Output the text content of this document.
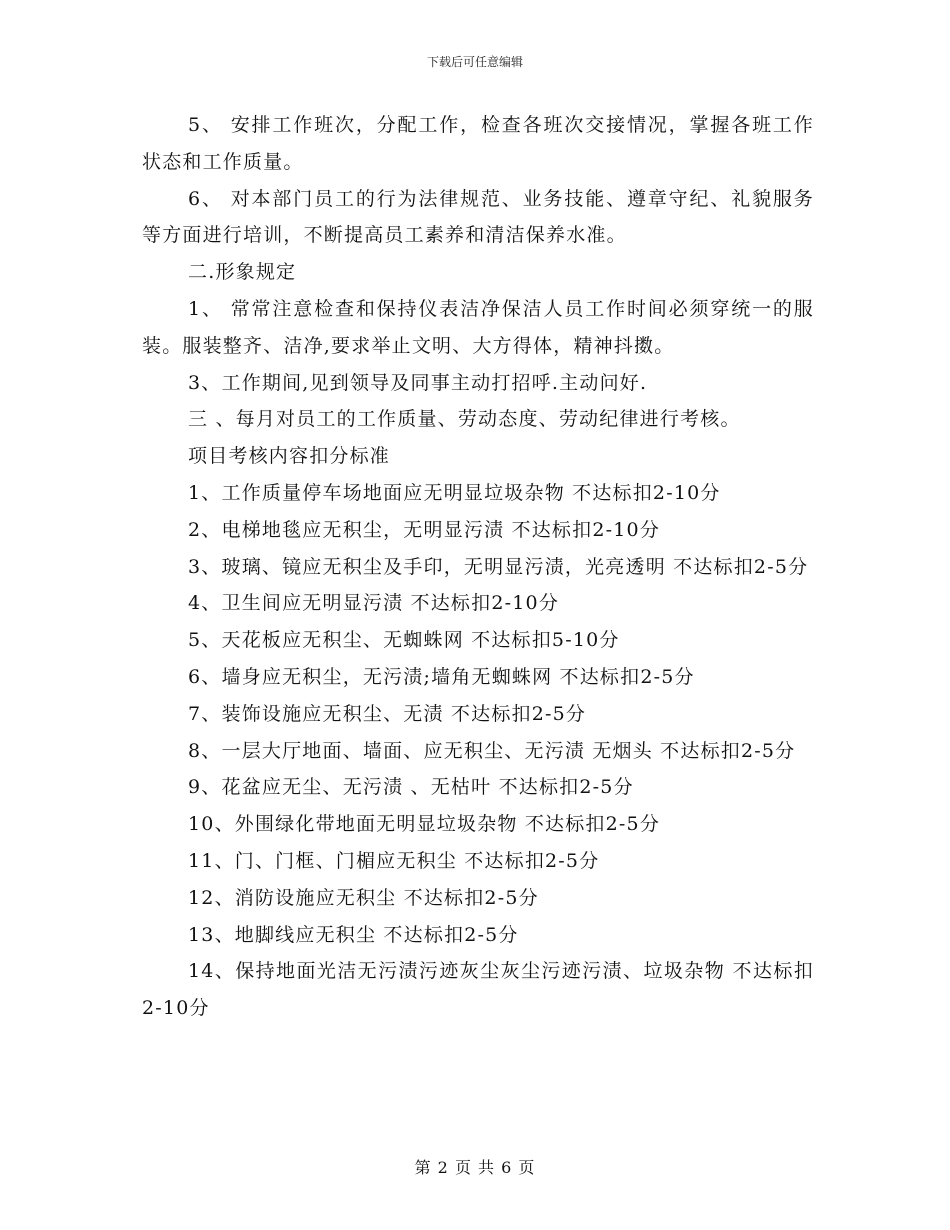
下载后可任意编辑

5、 安排工作班次，分配工作，检查各班次交接情况，掌握各班工作状态和工作质量。

6、 对本部门员工的行为法律规范、业务技能、遵章守纪、礼貌服务等方面进行培训，不断提高员工素养和清洁保养水准。

二.形象规定

1、 常常注意检查和保持仪表洁净保洁人员工作时间必须穿统一的服装。服装整齐、洁净,要求举止文明、大方得体，精神抖擞。

3、工作期间,见到领导及同事主动打招呼.主动问好.

三 、每月对员工的工作质量、劳动态度、劳动纪律进行考核。

项目考核内容扣分标准

1、工作质量停车场地面应无明显垃圾杂物 不达标扣2-10分

2、电梯地毯应无积尘，无明显污渍 不达标扣2-10分

3、玻璃、镜应无积尘及手印，无明显污渍，光亮透明 不达标扣2-5分

4、卫生间应无明显污渍 不达标扣2-10分

5、天花板应无积尘、无蜘蛛网 不达标扣5-10分

6、墙身应无积尘，无污渍;墙角无蜘蛛网 不达标扣2-5分

7、装饰设施应无积尘、无渍 不达标扣2-5分

8、一层大厅地面、墙面、应无积尘、无污渍 无烟头 不达标扣2-5分

9、花盆应无尘、无污渍 、无枯叶 不达标扣2-5分

10、外围绿化带地面无明显垃圾杂物 不达标扣2-5分

11、门、门框、门楣应无积尘 不达标扣2-5分

12、消防设施应无积尘 不达标扣2-5分

13、地脚线应无积尘 不达标扣2-5分

14、保持地面光洁无污渍污迹灰尘灰尘污迹污渍、垃圾杂物 不达标扣2-10分

第 2 页 共 6 页
